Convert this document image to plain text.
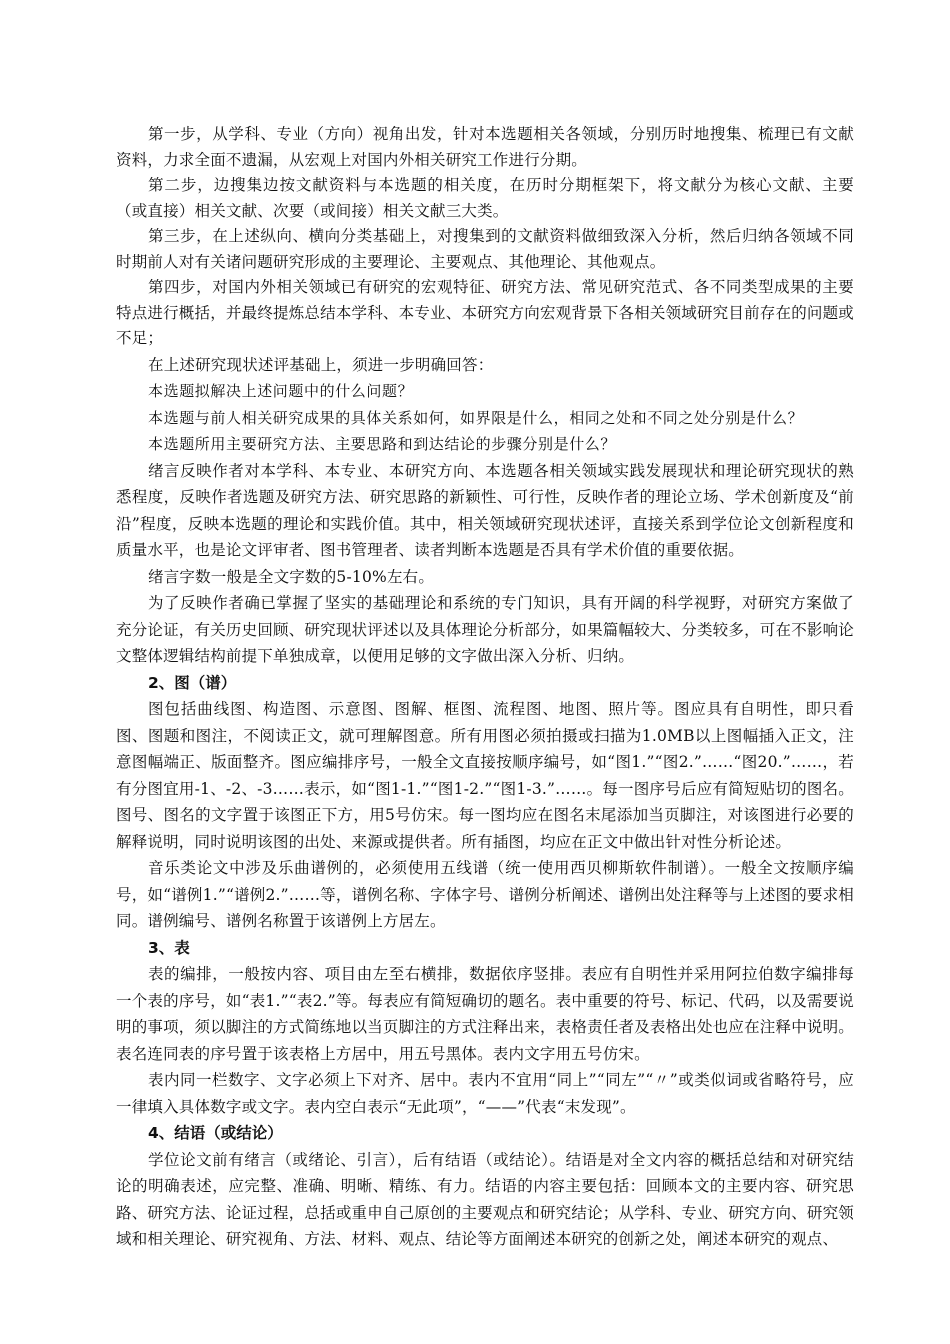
第一步，从学科、专业（方向）视角出发，针对本选题相关各领域，分别历时地搜集、梳理已有文献资料，力求全面不遗漏，从宏观上对国内外相关研究工作进行分期。

第二步，边搜集边按文献资料与本选题的相关度，在历时分期框架下，将文献分为核心文献、主要（或直接）相关文献、次要（或间接）相关文献三大类。

第三步，在上述纵向、横向分类基础上，对搜集到的文献资料做细致深入分析，然后归纳各领域不同时期前人对有关诸问题研究形成的主要理论、主要观点、其他理论、其他观点。

第四步，对国内外相关领域已有研究的宏观特征、研究方法、常见研究范式、各不同类型成果的主要特点进行概括，并最终提炼总结本学科、本专业、本研究方向宏观背景下各相关领域研究目前存在的问题或不足；

在上述研究现状述评基础上，须进一步明确回答：

本选题拟解决上述问题中的什么问题？

本选题与前人相关研究成果的具体关系如何，如界限是什么，相同之处和不同之处分别是什么？

本选题所用主要研究方法、主要思路和到达结论的步骤分别是什么？

绪言反映作者对本学科、本专业、本研究方向、本选题各相关领域实践发展现状和理论研究现状的熟悉程度，反映作者选题及研究方法、研究思路的新颖性、可行性，反映作者的理论立场、学术创新度及“前沿”程度，反映本选题的理论和实践价值。其中，相关领域研究现状述评，直接关系到学位论文创新程度和质量水平，也是论文评审者、图书管理者、读者判断本选题是否具有学术价值的重要依据。

绪言字数一般是全文字数的5-10%左右。

为了反映作者确已掌握了坚实的基础理论和系统的专门知识，具有开阔的科学视野，对研究方案做了充分论证，有关历史回顾、研究现状评述以及具体理论分析部分，如果篇幅较大、分类较多，可在不影响论文整体逻辑结构前提下单独成章，以便用足够的文字做出深入分析、归纳。

2、图（谱）

图包括曲线图、构造图、示意图、图解、框图、流程图、地图、照片等。图应具有自明性，即只看图、图题和图注，不阅读正文，就可理解图意。所有用图必须拍摄或扫描为1.0MB以上图幅插入正文，注意图幅端正、版面整齐。图应编排序号，一般全文直接按顺序编号，如“图1.”“图2.”……“图20.”……，若有分图宜用-1、-2、-3……表示，如“图1-1.”“图1-2.”“图1-3.”……。每一图序号后应有简短贴切的图名。图号、图名的文字置于该图正下方，用5号仿宋。每一图均应在图名末尾添加当页脚注，对该图进行必要的解释说明，同时说明该图的出处、来源或提供者。所有插图，均应在正文中做出针对性分析论述。

音乐类论文中涉及乐曲谱例的，必须使用五线谱（统一使用西贝柳斯软件制谱）。一般全文按顺序编号，如“谱例1.”“谱例2.”……等，谱例名称、字体字号、谱例分析阐述、谱例出处注释等与上述图的要求相同。谱例编号、谱例名称置于该谱例上方居左。

3、表

表的编排，一般按内容、项目由左至右横排，数据依序竖排。表应有自明性并采用阿拉伯数字编排每一个表的序号，如“表1.”“表2.”等。每表应有简短确切的题名。表中重要的符号、标记、代码，以及需要说明的事项，须以脚注的方式简练地以当页脚注的方式注释出来，表格责任者及表格出处也应在注释中说明。表名连同表的序号置于该表格上方居中，用五号黑体。表内文字用五号仿宋。

表内同一栏数字、文字必须上下对齐、居中。表内不宜用“同上”“同左”“〃”或类似词或省略符号，应一律填入具体数字或文字。表内空白表示“无此项”，“——”代表“末发现”。

4、结语（或结论）

学位论文前有绪言（或绪论、引言），后有结语（或结论）。结语是对全文内容的概括总结和对研究结论的明确表述，应完整、准确、明晰、精练、有力。结语的内容主要包括：回顾本文的主要内容、研究思路、研究方法、论证过程，总括或重申自己原创的主要观点和研究结论；从学科、专业、研究方向、研究领域和相关理论、研究视角、方法、材料、观点、结论等方面阐述本研究的创新之处，阐述本研究的观点、
